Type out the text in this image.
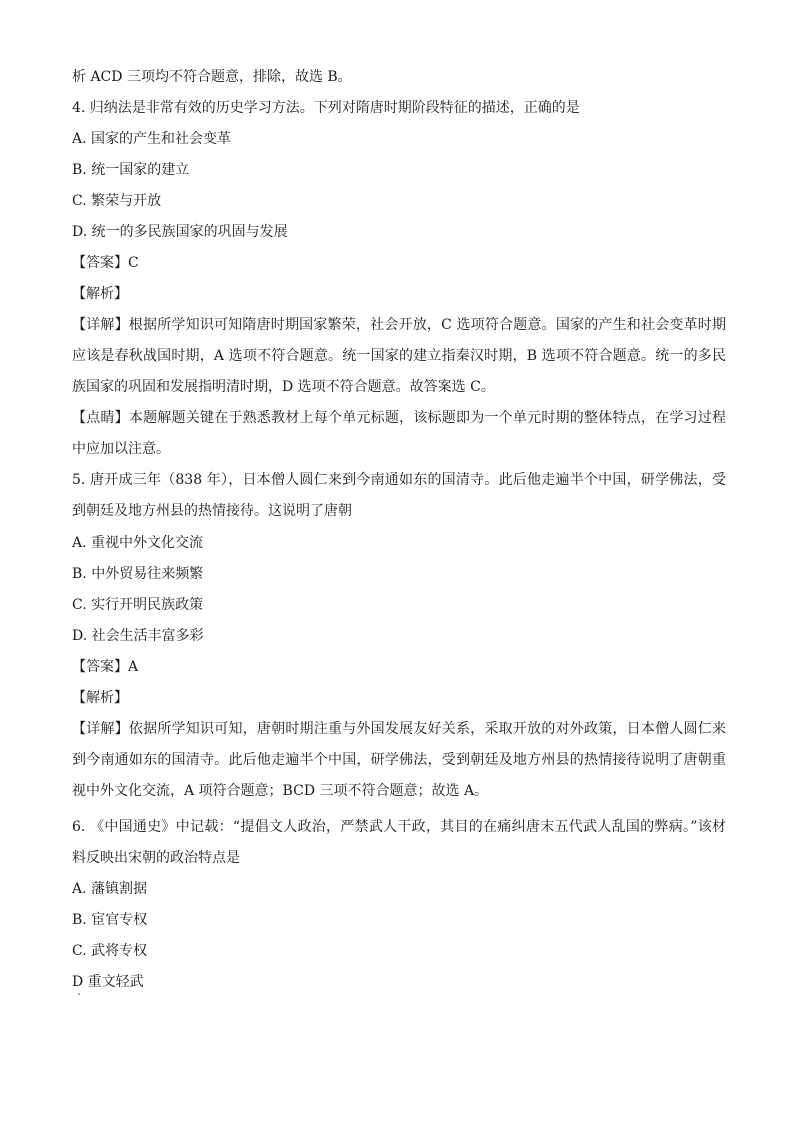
析 ACD 三项均不符合题意，排除，故选 B。
4. 归纳法是非常有效的历史学习方法。下列对隋唐时期阶段特征的描述，正确的是
A. 国家的产生和社会变革
B. 统一国家的建立
C. 繁荣与开放
D. 统一的多民族国家的巩固与发展
【答案】C
【解析】
【详解】根据所学知识可知隋唐时期国家繁荣，社会开放，C 选项符合题意。国家的产生和社会变革时期应该是春秋战国时期，A 选项不符合题意。统一国家的建立指秦汉时期，B 选项不符合题意。统一的多民族国家的巩固和发展指明清时期，D 选项不符合题意。故答案选 C。
【点睛】本题解题关键在于熟悉教材上每个单元标题，该标题即为一个单元时期的整体特点，在学习过程中应加以注意。
5. 唐开成三年（838 年），日本僧人圆仁来到今南通如东的国清寺。此后他走遍半个中国，研学佛法，受到朝廷及地方州县的热情接待。这说明了唐朝
A. 重视中外文化交流
B. 中外贸易往来频繁
C. 实行开明民族政策
D. 社会生活丰富多彩
【答案】A
【解析】
【详解】依据所学知识可知，唐朝时期注重与外国发展友好关系，采取开放的对外政策，日本僧人圆仁来到今南通如东的国清寺。此后他走遍半个中国，研学佛法，受到朝廷及地方州县的热情接待说明了唐朝重视中外文化交流，A 项符合题意；BCD 三项不符合题意；故选 A。
6. 《中国通史》中记载：“提倡文人政治，严禁武人干政，其目的在痛纠唐末五代武人乱国的弊病。”该材料反映出宋朝的政治特点是
A. 藩镇割据
B. 宦官专权
C. 武将专权
D 重文轻武
